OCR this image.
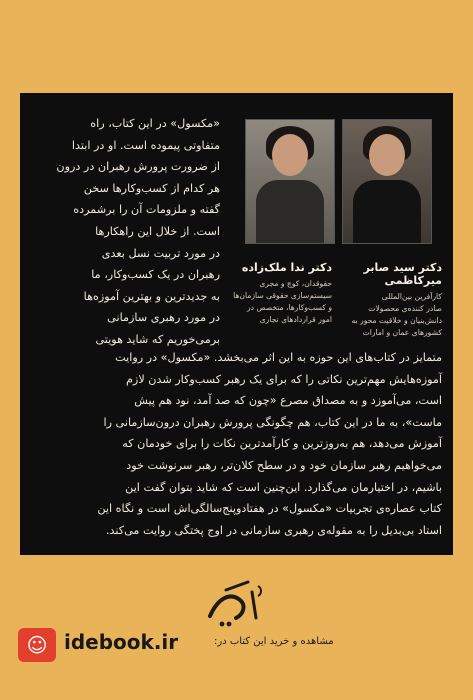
دکتر سید صابر میرکاظمی
کارآفرین بین‌المللی
صادر کننده‌ی محصولات
دانش‌بنیان و خلاقیت محور به
کشورهای عمان و امارات
دکتر ندا ملک‌زاده
حقوقدان، کوچ و مجری
سیستم‌سازی حقوقی سازمان‌ها
و کسب‌وکارها، متخصص در
امور قراردادهای تجاری
«مکسول» در این کتاب، راه
متفاوتی پیموده است. او در ابتدا
از ضرورت پرورش رهبران در درون
هر کدام از کسب‌وکارها سخن
گفته و ملزومات آن را برشمرده
است. از خلال این راهکارها
در مورد تربیت نسل بعدی
رهبران در یک کسب‌وکار، ما
به جدیدترین و بهترین آموزه‌ها
در مورد رهبری سازمانی
برمی‌خوریم که شاید هویتی
متمایز در کتاب‌های این حوزه به این اثر می‌بخشد. «مکسول» در روایت
آموزه‌هایش مهم‌ترین نکاتی را که برای یک رهبر کسب‌وکار شدن لازم
است، می‌آموزد و به مصداق مصرع «چون که صد آمد، نود هم پیش
ماست»، به ما در این کتاب، هم چگونگی پرورش رهبران درون‌سازمانی را
آموزش می‌دهد، هم به‌روزترین و کارآمدترین نکات را برای خودمان که
می‌خواهیم رهبر سازمان خود و در سطح کلان‌تر، رهبر سرنوشت خود
باشیم، در اختیارمان می‌گذارد. این‌چنین است که شاید بتوان گفت این
کتاب عصاره‌ی تجربیات «مکسول» در هفتادوپنج‌سالگی‌اش است و نگاه این
استاد بی‌بدیل را به مقوله‌ی رهبری سازمانی در اوج پختگی روایت می‌کند.
☺ idebook.ir	مشاهده و خرید این کتاب در:
